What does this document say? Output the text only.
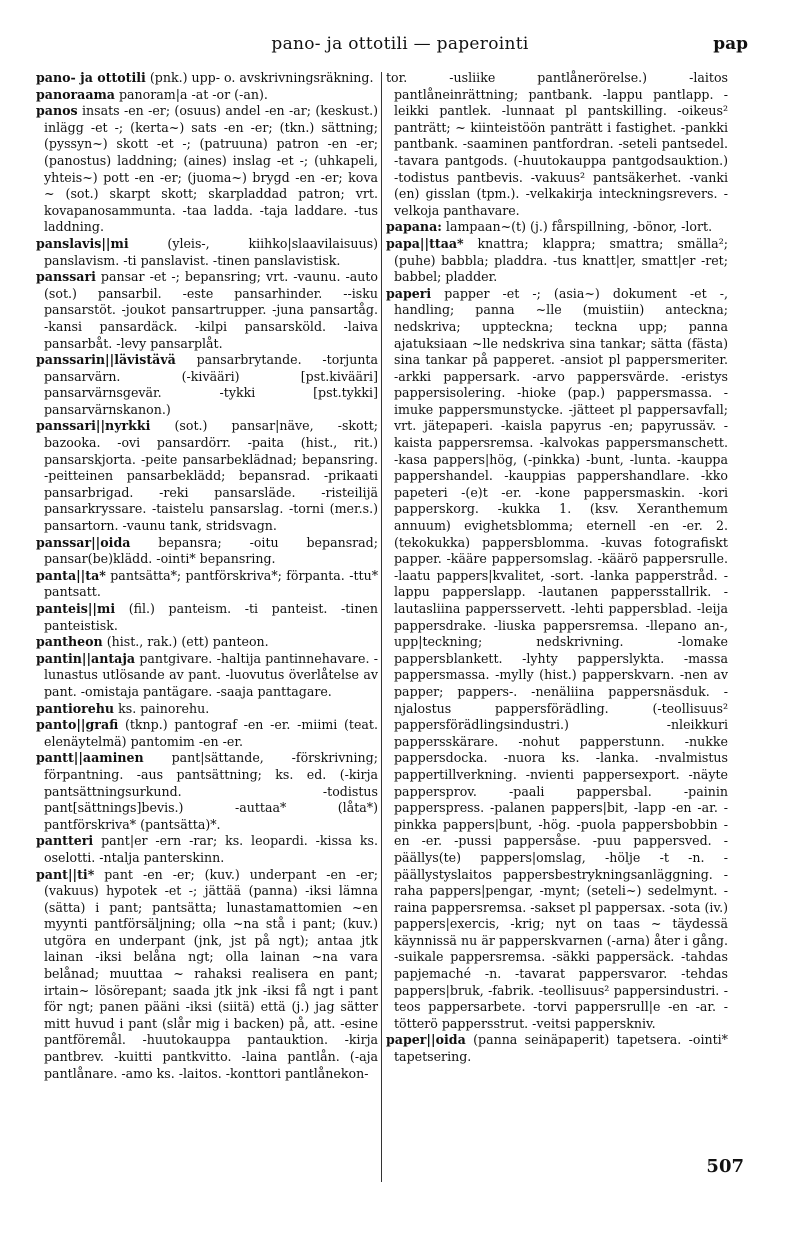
pano- ja ottotili — paperointi	pap
pano- ja ottotili (pnk.) upp- o. avskrivningsräkning.
panoraama panoram|a -at -or (-an).
panos insats -en -er; (osuus) andel -en -ar; (keskust.) inlägg -et -; (kerta~) sats -en -er; (tkn.) sättning; (pyssyn~) skott -et -; (patruuna) patron -en -er; (panostus) laddning; (aines) inslag -et -; (uhkapeli, yhteis~) pott -en -er; (juoma~) brygd -en -er; kova ~ (sot.) skarpt skott; skarpladdad patron; vrt. kovapanosammunta. -taa ladda. -taja laddare. -tus laddning.
panslavis||mi	(yleis-, kiihko|slaavilaisuus) panslavism. -ti panslavist. -tinen panslavistisk.
panssari pansar -et -; bepansring; vrt. -vaunu. -auto (sot.) pansarbil. -este pansarhinder. --isku pansarstöt. -joukot pansartrupper. -juna pansartåg. -kansi pansardäck. -kilpi pansarsköld. -laiva pansarbåt. -levy pansarplåt.
panssarin||lävistävä pansarbrytande. -torjunta pansarvärn. (-kivääri) [pst.kivääri] pansarvärnsgevär. -tykki [pst.tykki] pansarvärnskanon.)
panssari||nyrkki (sot.) pansar|näve, -skott; bazooka. -ovi pansardörr. -paita (hist., rit.) pansarskjorta. -peite pansarbeklädnad; bepansring. -peitteinen pansarbeklädd; bepansrad. -prikaati pansarbrigad. -reki pansarsläde. -risteilijä pansarkryssare. -taistelu pansarslag. -torni (mer.s.) pansartorn. -vaunu tank, stridsvagn.
panssar||oida bepansra; -oitu bepansrad; pansar(be)klädd. -ointi* bepansring.
panta||ta* pantsätta*; pantförskriva*; förpanta. -ttu* pantsatt.
panteis||mi (fil.) panteism. -ti panteist. -tinen panteistisk.
pantheon (hist., rak.) (ett) panteon.
pantin||antaja pantgivare. -haltija pantinnehavare. -lunastus utlösande av pant. -luovutus överlåtelse av pant. -omistaja pantägare. -saaja panttagare.
pantiorehu ks. painorehu.
panto||grafi (tknp.) pantograf -en -er. -miimi (teat. elenäytelmä) pantomim -en -er.
pantt||aaminen pant|sättande, -förskrivning; förpantning. -aus pantsättning; ks. ed. (-kirja pantsättningsurkund. -todistus pant[sättnings]bevis.) -auttaa* (låta*) pantförskriva* (pantsätta)*.
pantteri pant|er -ern -rar; ks. leopardi. -kissa ks. oselotti. -ntalja panterskinn.
pant||ti* pant -en -er; (kuv.) underpant -en -er; (vakuus) hypotek -et -; jättää (panna) -iksi lämna (sätta) i pant; pantsätta; lunastamattomien ~en myynti pantförsäljning; olla ~na stå i pant; (kuv.) utgöra en underpant (jnk, jst på ngt); antaa jtk lainan -iksi belåna ngt; olla lainan ~na vara belånad; muuttaa ~ rahaksi realisera en pant; irtain~ lösörepant; saada jtk jnk -iksi få ngt i pant för ngt; panen pääni -iksi (siitä) että (j.) jag sätter mitt huvud i pant (slår mig i backen) på, att. -esine pantföremål. -huutokauppa pantauktion. -kirja pantbrev. -kuitti pantkvitto. -laina pantlån. (-aja pantlånare. -amo ks. -laitos. -konttori pantlånekon-
tor. -usliike pantlånerörelse.) -laitos pantlåneinrättning; pantbank. -lappu pantlapp. -leikki pantlek. -lunnaat pl pantskilling. -oikeus² panträtt; ~ kiinteistöön panträtt i fastighet. -pankki pantbank. -saaminen pantfordran. -seteli pantsedel. -tavara pantgods. (-huutokauppa pantgodsauktion.) -todistus pantbevis. -vakuus² pantsäkerhet. -vanki (en) gisslan (tpm.). -velkakirja inteckningsrevers. -velkoja panthavare.
papana: lampaan~(t) (j.) fårspillning, -bönor, -lort.
papa||ttaa* knattra; klappra; smattra; smälla²; (puhe) babbla; pladdra. -tus knatt|er, smatt|er -ret; babbel; pladder.
paperi papper -et -; (asia~) dokument -et -, handling; panna ~lle (muistiin) anteckna; nedskriva; uppteckna; teckna upp; panna ajatuksiaan ~lle nedskriva sina tankar; sätta (fästa) sina tankar på papperet. -ansiot pl pappersmeriter. -arkki pappersark. -arvo pappersvärde. -eristys pappersisolering. -hioke (pap.) pappersmassa. -imuke pappersmunstycke. -jätteet pl pappersavfall; vrt. jätepaperi. -kaisla papyrus -en; papyrussäv. -kaista pappersremsa. -kalvokas pappersmanschett. -kasa pappers|hög, (-pinkka) -bunt, -lunta. -kauppa pappershandel. -kauppias pappershandlare. -kko papeteri -(e)t -er. -kone pappersmaskin. -kori papperskorg. -kukka 1. (ksv. Xeranthemum annuum) evighetsblomma; eternell -en -er. 2. (tekokukka) pappersblomma. -kuvas fotografiskt papper. -kääre pappersomslag. -käärö pappersrulle. -laatu pappers|kvalitet, -sort. -lanka papperstråd. -lappu papperslapp. -lautanen pappersstallrik. -lautasliina pappersservett. -lehti pappersblad. -leija pappersdrake. -liuska pappersremsa. -llepano an-, upp|teckning; nedskrivning. -lomake pappersblankett. -lyhty papperslykta. -massa pappersmassa. -mylly (hist.) papperskvarn. -nen av papper; pappers-. -nenäliina pappersnäsduk. -njalostus pappersförädling. (-teollisuus² pappersförädlingsindustri.) -nleikkuri pappersskärare. -nohut papperstunn. -nukke pappersdocka. -nuora ks. -lanka. -nvalmistus pappertillverkning. -nvienti pappersexport. -näyte pappersprov. -paali pappersbal. -painin papperspress. -palanen pappers|bit, -lapp -en -ar. -pinkka pappers|bunt, -hög. -puola pappersbobbin -en -er. -pussi pappersåse. -puu pappersved. -päällys(te) pappers|omslag, -hölje -t -n. -päällystyslaitos pappersbestrykningsanläggning. -raha pappers|pengar, -mynt; (seteli~) sedelmynt. -raina pappersremsa. -sakset pl pappersax. -sota (iv.) pappers|exercis, -krig; nyt on taas ~ täydessä käynnissä nu är papperskvarnen (-arna) åter i gång. -suikale pappersremsa. -säkki pappersäck. -tahdas papjemaché -n. -tavarat pappersvaror. -tehdas pappers|bruk, -fabrik. -teollisuus² pappersindustri. -teos pappersarbete. -torvi pappersrull|e -en -ar. -tötterö pappersstrut. -veitsi papperskniv.
paper||oida (panna seinäpaperit) tapetsera. -ointi* tapetsering.
507
